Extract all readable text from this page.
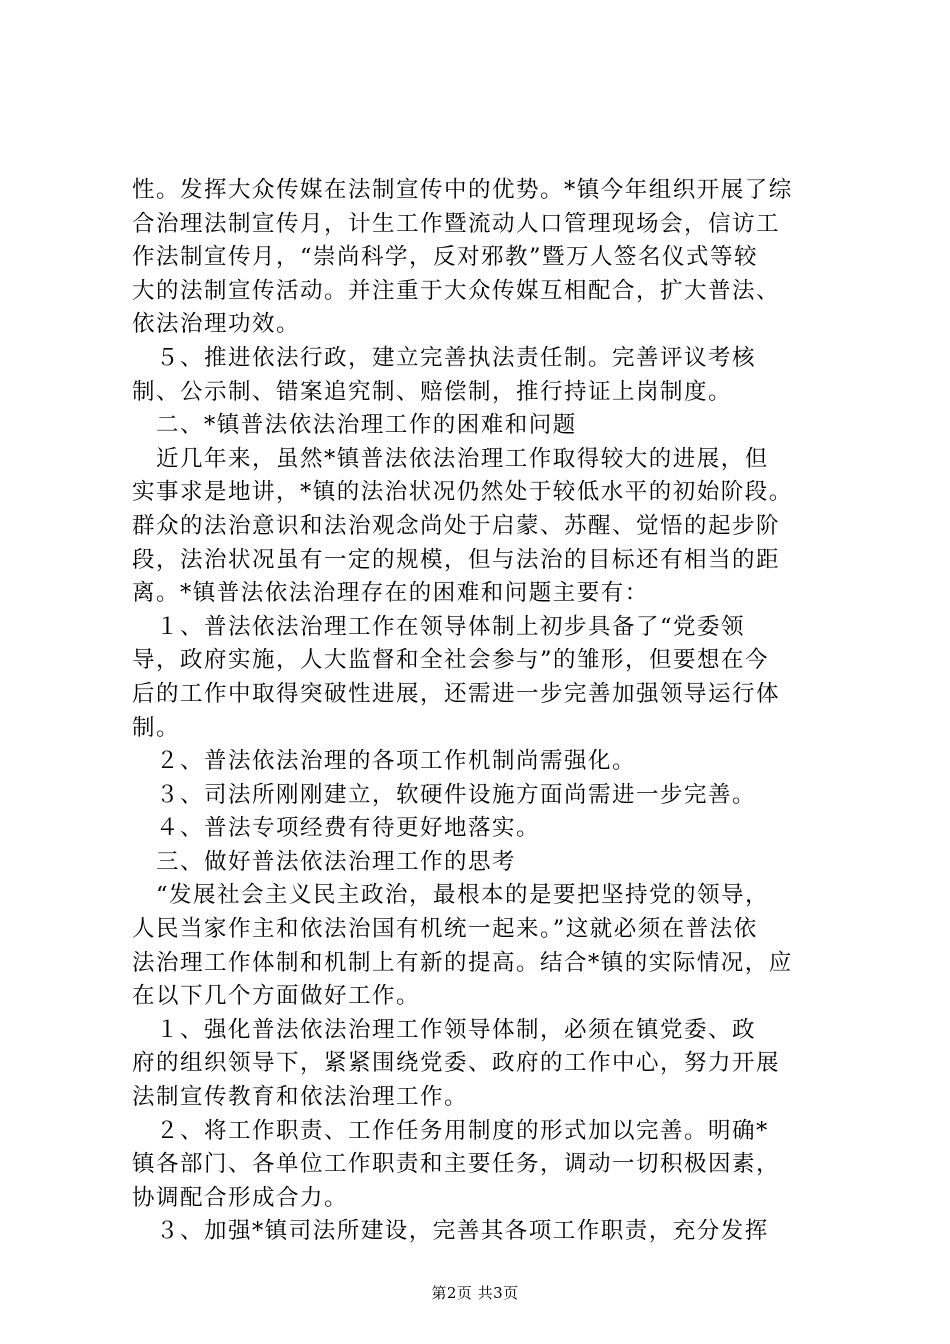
性。发挥大众传媒在法制宣传中的优势。*镇今年组织开展了综
合治理法制宣传月，计生工作暨流动人口管理现场会，信访工
作法制宣传月，“崇尚科学，反对邪教”暨万人签名仪式等较
大的法制宣传活动。并注重于大众传媒互相配合，扩大普法、
依法治理功效。
　５、推进依法行政，建立完善执法责任制。完善评议考核
制、公示制、错案追究制、赔偿制，推行持证上岗制度。
　二、*镇普法依法治理工作的困难和问题
　近几年来，虽然*镇普法依法治理工作取得较大的进展，但
实事求是地讲，*镇的法治状况仍然处于较低水平的初始阶段。
群众的法治意识和法治观念尚处于启蒙、苏醒、觉悟的起步阶
段，法治状况虽有一定的规模，但与法治的目标还有相当的距
离。*镇普法依法治理存在的困难和问题主要有：
　１、普法依法治理工作在领导体制上初步具备了“党委领
导，政府实施，人大监督和全社会参与”的雏形，但要想在今
后的工作中取得突破性进展，还需进一步完善加强领导运行体
制。
　２、普法依法治理的各项工作机制尚需强化。
　３、司法所刚刚建立，软硬件设施方面尚需进一步完善。
　４、普法专项经费有待更好地落实。
　三、做好普法依法治理工作的思考
　“发展社会主义民主政治，最根本的是要把坚持党的领导，
人民当家作主和依法治国有机统一起来。”这就必须在普法依
法治理工作体制和机制上有新的提高。结合*镇的实际情况，应
在以下几个方面做好工作。
　１、强化普法依法治理工作领导体制，必须在镇党委、政
府的组织领导下，紧紧围绕党委、政府的工作中心，努力开展
法制宣传教育和依法治理工作。
　２、将工作职责、工作任务用制度的形式加以完善。明确*
镇各部门、各单位工作职责和主要任务，调动一切积极因素，
协调配合形成合力。
　３、加强*镇司法所建设，完善其各项工作职责，充分发挥
第2页 共3页
